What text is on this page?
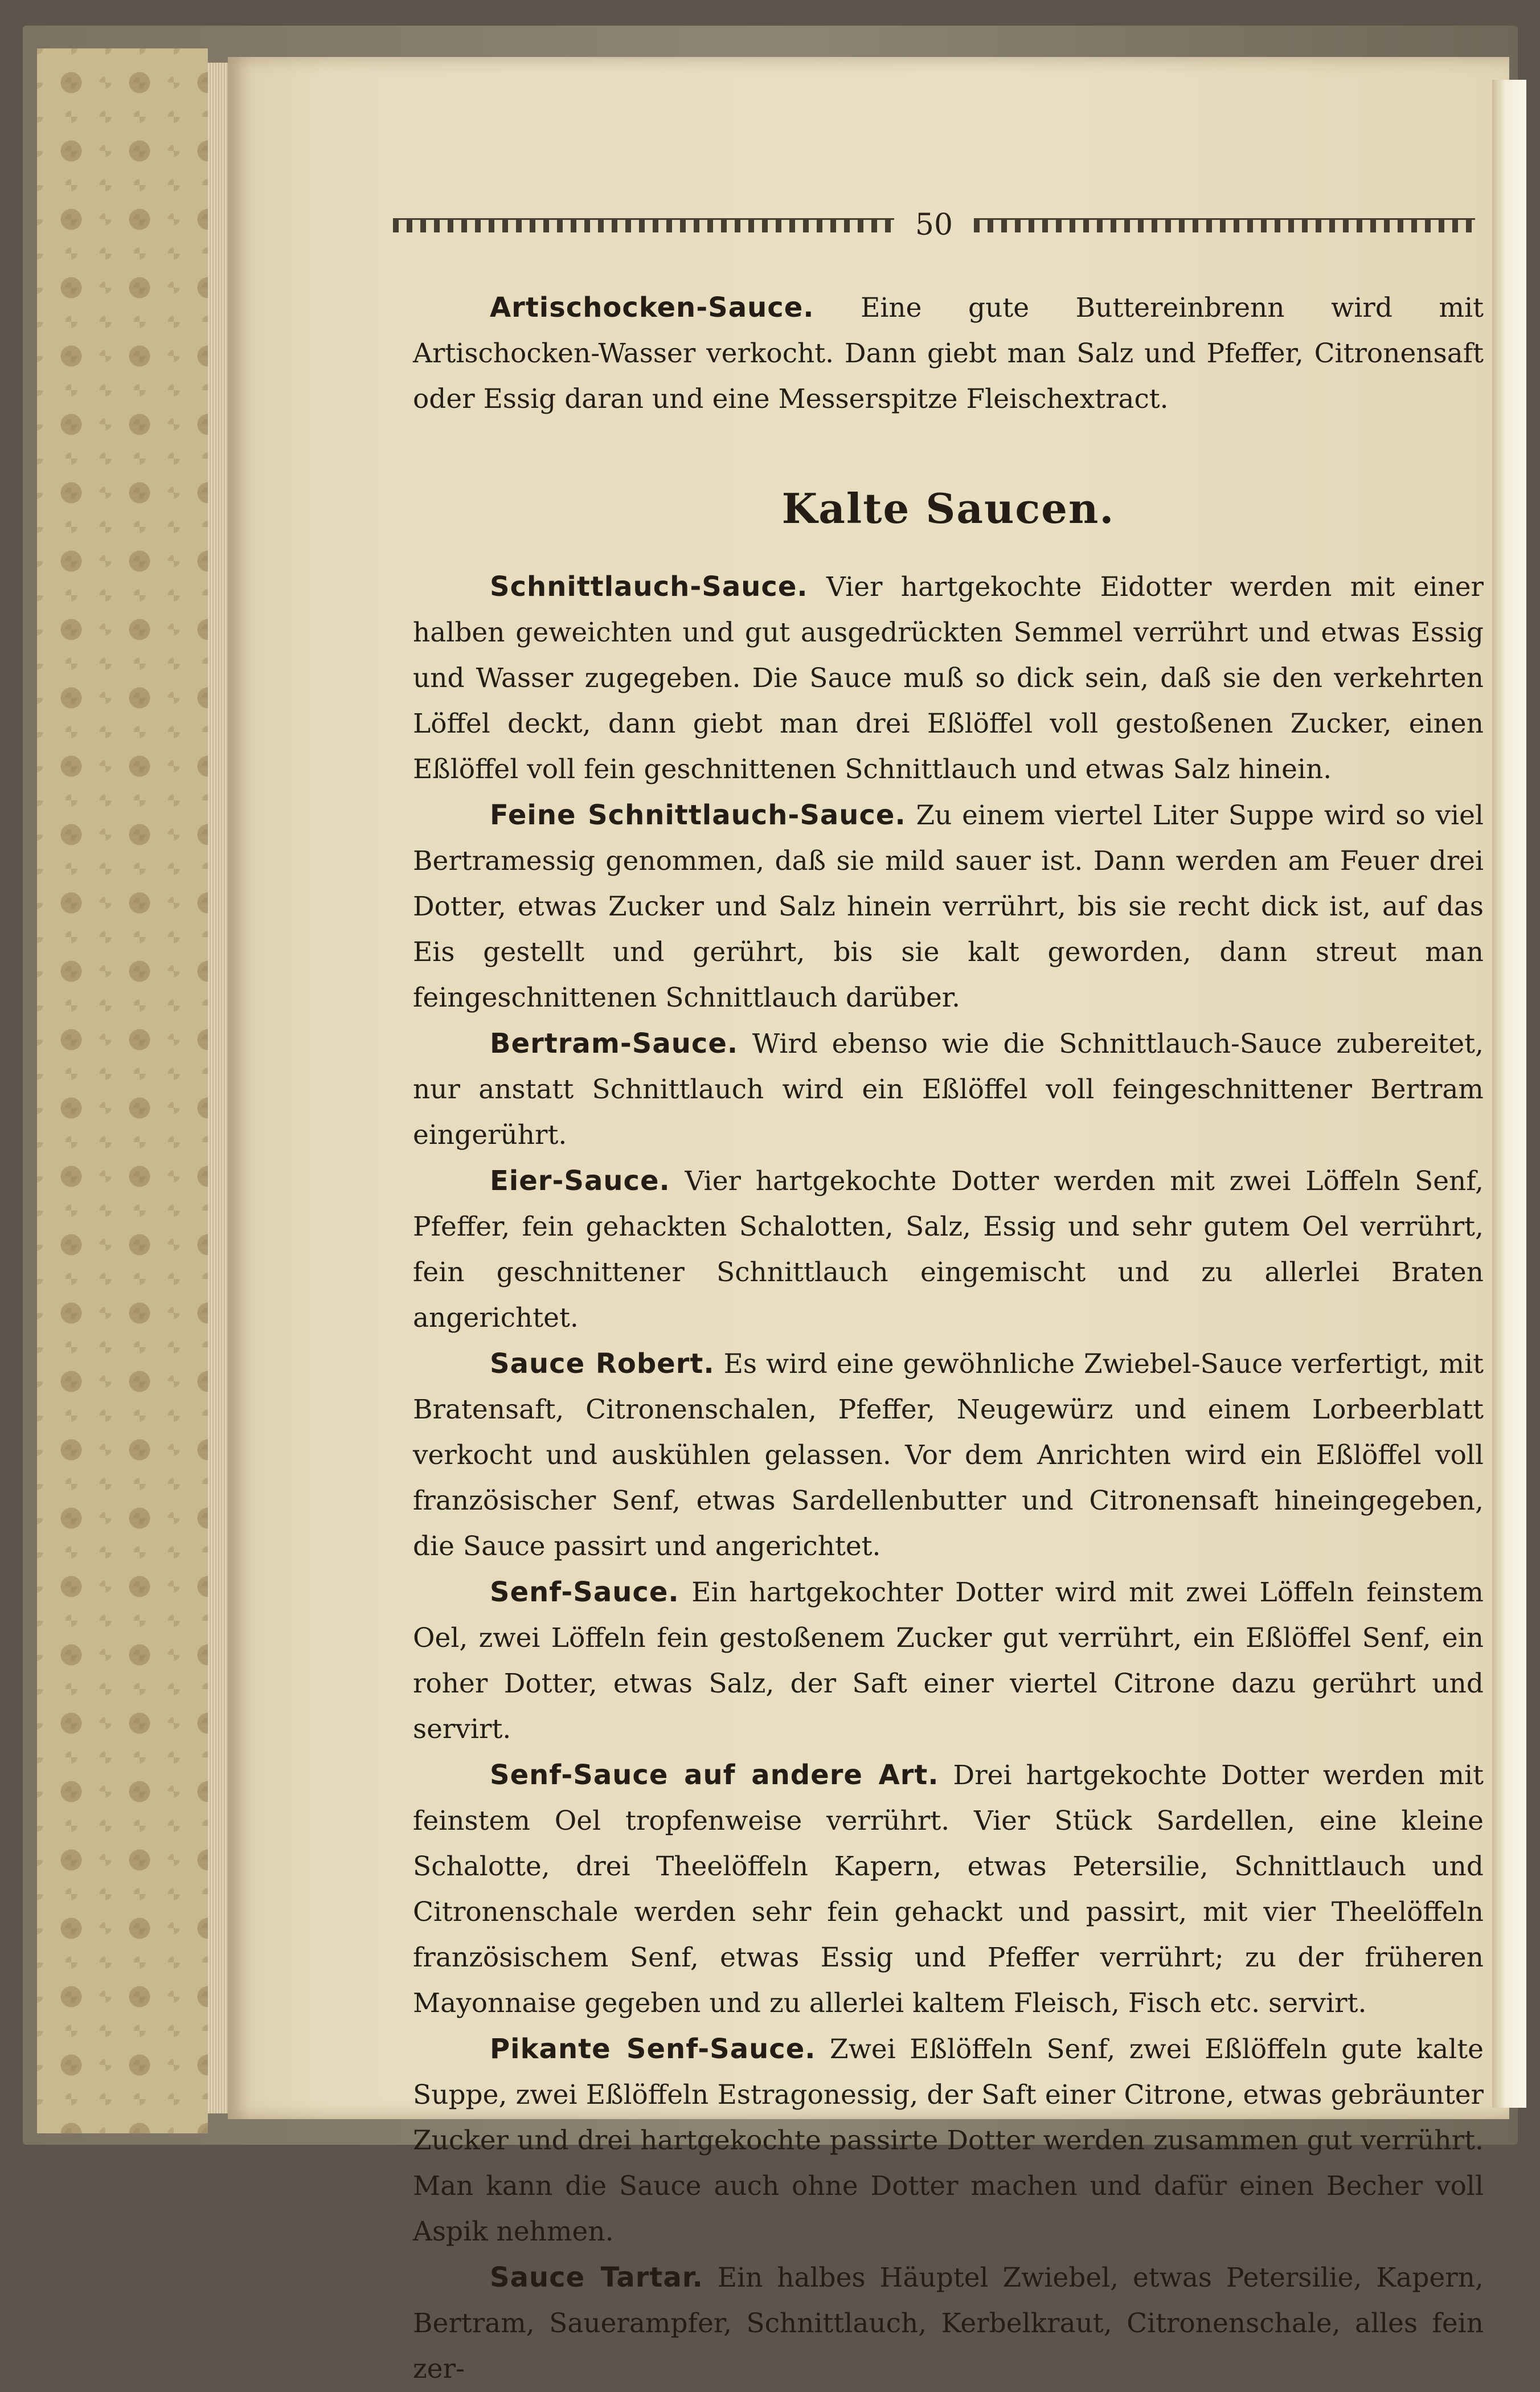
50

Artischocken-Sauce. Eine gute Buttereinbrenn wird mit Artischocken-Wasser verkocht. Dann giebt man Salz und Pfeffer, Citronensaft oder Essig daran und eine Messerspitze Fleischextract.

Kalte Saucen.

Schnittlauch-Sauce. Vier hartgekochte Eidotter werden mit einer halben geweichten und gut ausgedrückten Semmel verrührt und etwas Essig und Wasser zugegeben. Die Sauce muß so dick sein, daß sie den verkehrten Löffel deckt, dann giebt man drei Eßlöffel voll gestoßenen Zucker, einen Eßlöffel voll fein geschnittenen Schnittlauch und etwas Salz hinein.

Feine Schnittlauch-Sauce. Zu einem viertel Liter Suppe wird so viel Bertramessig genommen, daß sie mild sauer ist. Dann werden am Feuer drei Dotter, etwas Zucker und Salz hinein verrührt, bis sie recht dick ist, auf das Eis gestellt und gerührt, bis sie kalt geworden, dann streut man feingeschnittenen Schnittlauch darüber.

Bertram-Sauce. Wird ebenso wie die Schnittlauch-Sauce zubereitet, nur anstatt Schnittlauch wird ein Eßlöffel voll feingeschnittener Bertram eingerührt.

Eier-Sauce. Vier hartgekochte Dotter werden mit zwei Löffeln Senf, Pfeffer, fein gehackten Schalotten, Salz, Essig und sehr gutem Oel verrührt, fein geschnittener Schnittlauch eingemischt und zu allerlei Braten angerichtet.

Sauce Robert. Es wird eine gewöhnliche Zwiebel-Sauce verfertigt, mit Bratensaft, Citronenschalen, Pfeffer, Neugewürz und einem Lorbeerblatt verkocht und auskühlen gelassen. Vor dem Anrichten wird ein Eßlöffel voll französischer Senf, etwas Sardellenbutter und Citronensaft hineingegeben, die Sauce passirt und angerichtet.

Senf-Sauce. Ein hartgekochter Dotter wird mit zwei Löffeln feinstem Oel, zwei Löffeln fein gestoßenem Zucker gut verrührt, ein Eßlöffel Senf, ein roher Dotter, etwas Salz, der Saft einer viertel Citrone dazu gerührt und servirt.

Senf-Sauce auf andere Art. Drei hartgekochte Dotter werden mit feinstem Oel tropfenweise verrührt. Vier Stück Sardellen, eine kleine Schalotte, drei Theelöffeln Kapern, etwas Petersilie, Schnittlauch und Citronenschale werden sehr fein gehackt und passirt, mit vier Theelöffeln französischem Senf, etwas Essig und Pfeffer verrührt; zu der früheren Mayonnaise gegeben und zu allerlei kaltem Fleisch, Fisch etc. servirt.

Pikante Senf-Sauce. Zwei Eßlöffeln Senf, zwei Eßlöffeln gute kalte Suppe, zwei Eßlöffeln Estragonessig, der Saft einer Citrone, etwas gebräunter Zucker und drei hartgekochte passirte Dotter werden zusammen gut verrührt. Man kann die Sauce auch ohne Dotter machen und dafür einen Becher voll Aspik nehmen.

Sauce Tartar. Ein halbes Häuptel Zwiebel, etwas Petersilie, Kapern, Bertram, Sauerampfer, Schnittlauch, Kerbelkraut, Citronenschale, alles fein zer-
